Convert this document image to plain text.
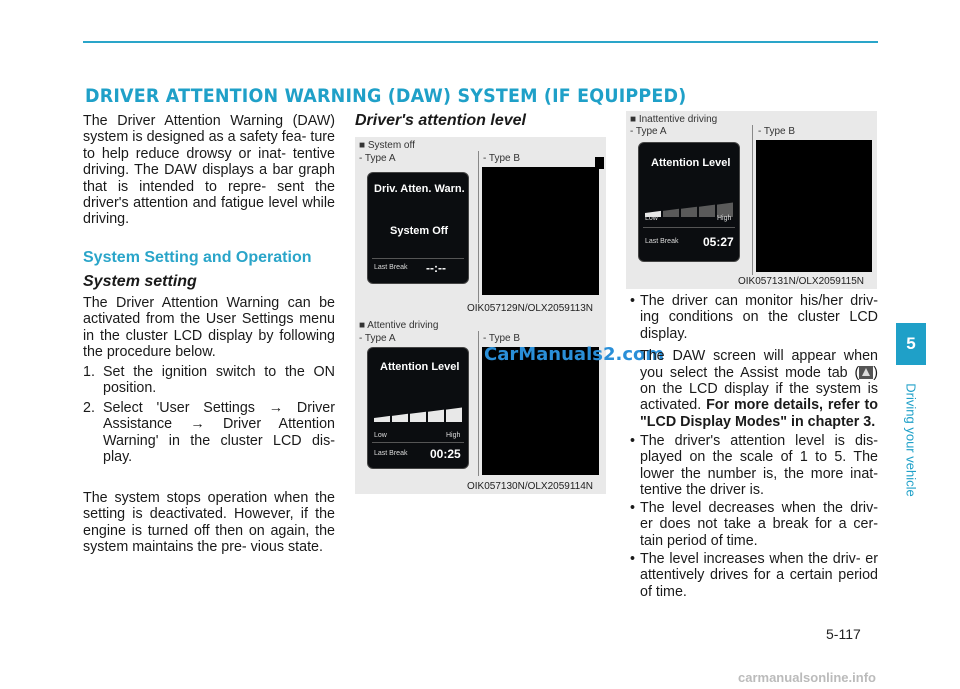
DRIVER ATTENTION WARNING (DAW) SYSTEM (IF EQUIPPED)

The Driver Attention Warning (DAW) system is designed as a safety fea- ture to help reduce drowsy or inat- tentive driving. The DAW displays a bar graph that is intended to repre- sent the driver's attention and fatigue level while driving.

System Setting and Operation

System setting

The Driver Attention Warning can be activated from the User Settings menu in the cluster LCD display by following the procedure below.

1. Set the ignition switch to the ON position.
2. Select 'User Settings → Driver Assistance → Driver Attention Warning' in the cluster LCD dis- play.

The system stops operation when the setting is deactivated. However, if the engine is turned off then on again, the system maintains the pre- vious state.

Driver's attention level

■ System off
- Type A	- Type B
Driv. Atten. Warn.
System Off
Last Break --:--
OIK057129N/OLX2059113N
■ Attentive driving
- Type A	- Type B
Attention Level
Low	High
Last Break 00:25
OIK057130N/OLX2059114N
CarManuals2.com
■ Inattentive driving
- Type A	- Type B
Attention Level
Low	High
Last Break 05:27
OIK057131N/OLX2059115N
• The driver can monitor his/her driv- ing conditions on the cluster LCD display.
The DAW screen will appear when you select the Assist mode tab ( ) on the LCD display if the system is activated. For more details, refer to "LCD Display Modes" in chapter 3.
• The driver's attention level is dis- played on the scale of 1 to 5. The lower the number is, the more inat- tentive the driver is.
• The level decreases when the driv- er does not take a break for a cer- tain period of time.
• The level increases when the driv- er attentively drives for a certain period of time.
5
Driving your vehicle
5-117
carmanualsonline.info
